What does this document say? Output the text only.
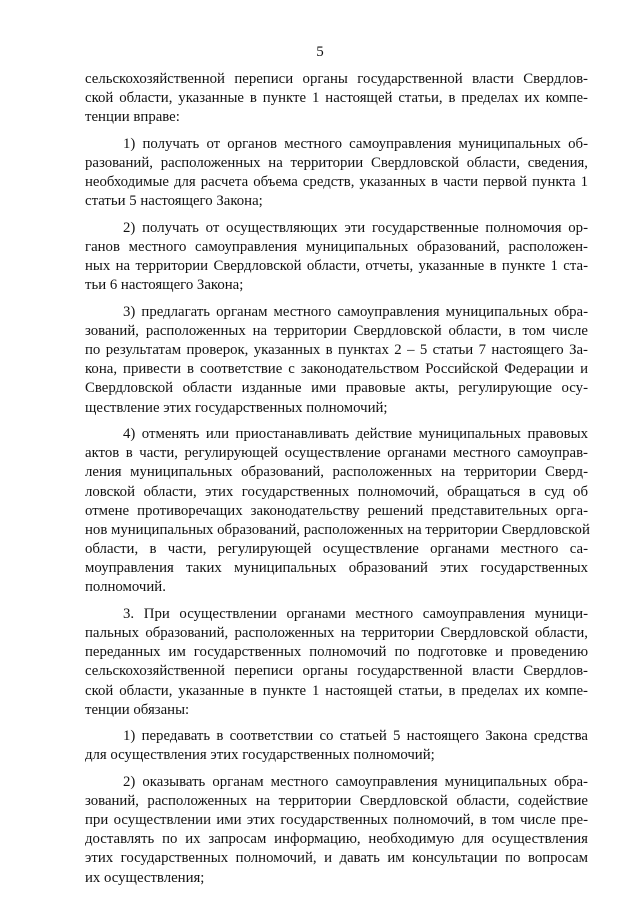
5
сельскохозяйственной переписи органы государственной власти Свердлов-
ской области, указанные в пункте 1 настоящей статьи, в пределах их компе-
тенции вправе:
1) получать от органов местного самоуправления муниципальных об-
разований, расположенных на территории Свердловской области, сведения,
необходимые для расчета объема средств, указанных в части первой пункта 1
статьи 5 настоящего Закона;
2) получать от осуществляющих эти государственные полномочия ор-
ганов местного самоуправления муниципальных образований, расположен-
ных на территории Свердловской области, отчеты, указанные в пункте 1 ста-
тьи 6 настоящего Закона;
3) предлагать органам местного самоуправления муниципальных обра-
зований, расположенных на территории Свердловской области, в том числе
по результатам проверок, указанных в пунктах 2 – 5 статьи 7 настоящего За-
кона, привести в соответствие с законодательством Российской Федерации и
Свердловской области изданные ими правовые акты, регулирующие осу-
ществление этих государственных полномочий;
4) отменять или приостанавливать действие муниципальных правовых
актов в части, регулирующей осуществление органами местного самоуправ-
ления муниципальных образований, расположенных на территории Сверд-
ловской области, этих государственных полномочий, обращаться в суд об
отмене противоречащих законодательству решений представительных орга-
нов муниципальных образований, расположенных на территории Свердловской
области, в части, регулирующей осуществление органами местного са-
моуправления таких муниципальных образований этих государственных
полномочий.
3. При осуществлении органами местного самоуправления муници-
пальных образований, расположенных на территории Свердловской области,
переданных им государственных полномочий по подготовке и проведению
сельскохозяйственной переписи органы государственной власти Свердлов-
ской области, указанные в пункте 1 настоящей статьи, в пределах их компе-
тенции обязаны:
1) передавать в соответствии со статьей 5 настоящего Закона средства
для осуществления этих государственных полномочий;
2) оказывать органам местного самоуправления муниципальных обра-
зований, расположенных на территории Свердловской области, содействие
при осуществлении ими этих государственных полномочий, в том числе пре-
доставлять по их запросам информацию, необходимую для осуществления
этих государственных полномочий, и давать им консультации по вопросам
их осуществления;
